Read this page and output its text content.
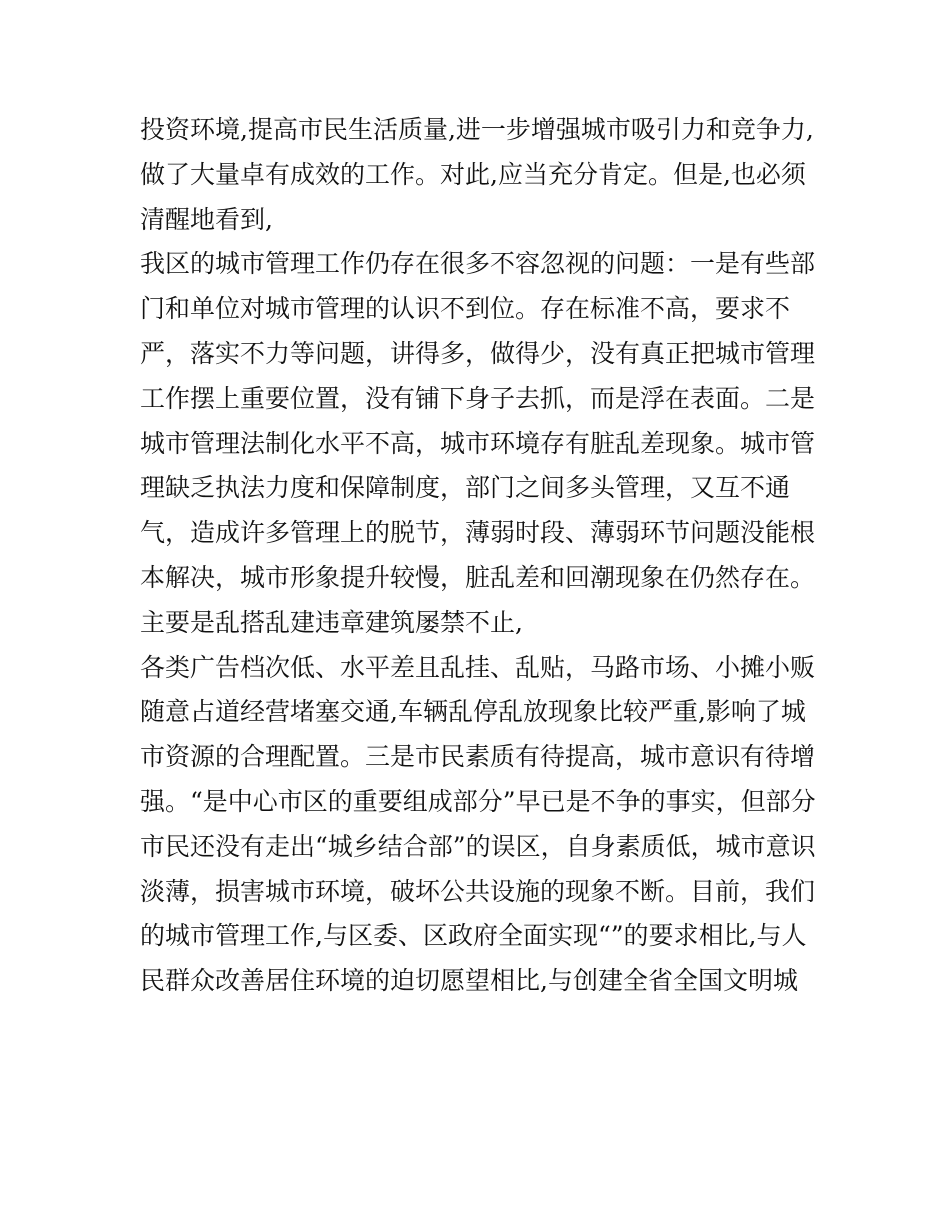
投资环境,提高市民生活质量,进一步增强城市吸引力和竞争力,
做了大量卓有成效的工作。对此,应当充分肯定。但是,也必须
清醒地看到,
我区的城市管理工作仍存在很多不容忽视的问题：一是有些部
门和单位对城市管理的认识不到位。存在标准不高，要求不
严，落实不力等问题，讲得多，做得少，没有真正把城市管理
工作摆上重要位置，没有铺下身子去抓，而是浮在表面。二是
城市管理法制化水平不高，城市环境存有脏乱差现象。城市管
理缺乏执法力度和保障制度，部门之间多头管理，又互不通
气，造成许多管理上的脱节，薄弱时段、薄弱环节问题没能根
本解决，城市形象提升较慢，脏乱差和回潮现象在仍然存在。
主要是乱搭乱建违章建筑屡禁不止,
各类广告档次低、水平差且乱挂、乱贴，马路市场、小摊小贩
随意占道经营堵塞交通,车辆乱停乱放现象比较严重,影响了城
市资源的合理配置。三是市民素质有待提高，城市意识有待增
强。“是中心市区的重要组成部分”早已是不争的事实，但部分
市民还没有走出“城乡结合部”的误区，自身素质低，城市意识
淡薄，损害城市环境，破坏公共设施的现象不断。目前，我们
的城市管理工作,与区委、区政府全面实现“”的要求相比,与人
民群众改善居住环境的迫切愿望相比,与创建全省全国文明城
